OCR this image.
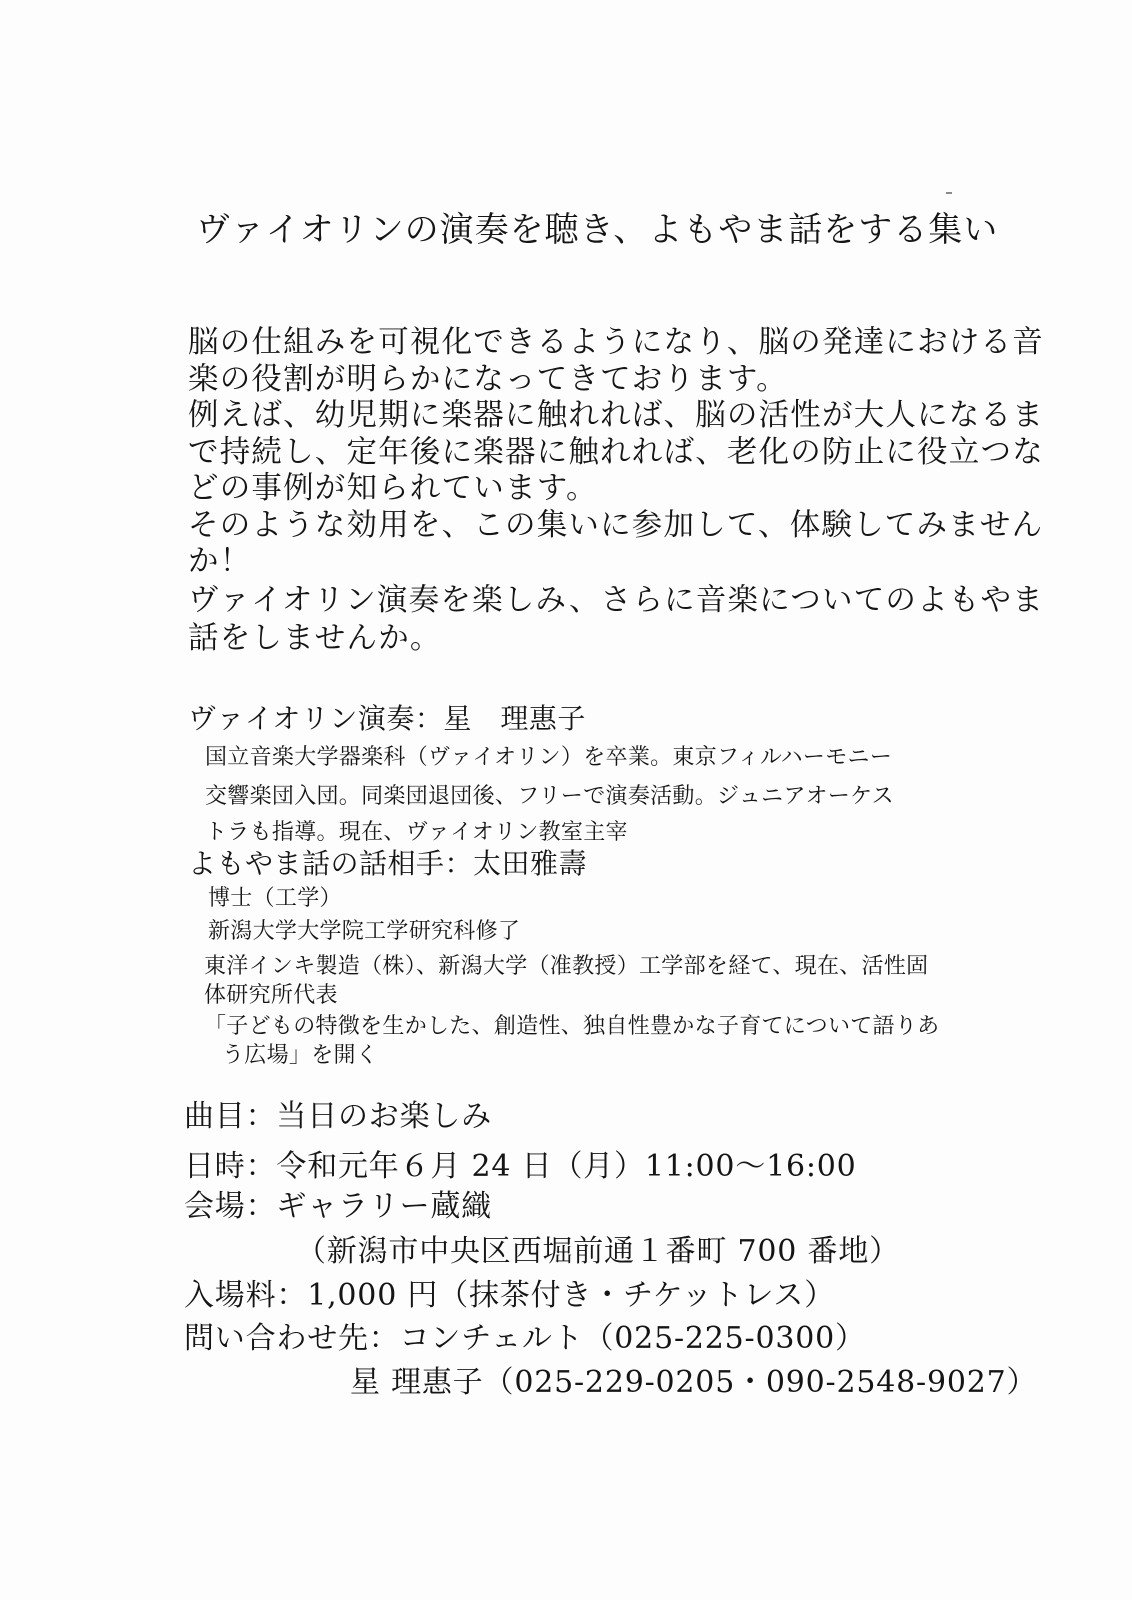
ヴァイオリンの演奏を聴き、よもやま話をする集い
脳の仕組みを可視化できるようになり、脳の発達における音
楽の役割が明らかになってきております。
例えば、幼児期に楽器に触れれば、脳の活性が大人になるま
で持続し、定年後に楽器に触れれば、老化の防止に役立つな
どの事例が知られています。
そのような効用を、この集いに参加して、体験してみません
か！
ヴァイオリン演奏を楽しみ、さらに音楽についてのよもやま
話をしませんか。
ヴァイオリン演奏：星　理惠子
国立音楽大学器楽科（ヴァイオリン）を卒業。東京フィルハーモニー
交響楽団入団。同楽団退団後、フリーで演奏活動。ジュニアオーケス
トラも指導。現在、ヴァイオリン教室主宰
よもやま話の話相手：太田雅壽
博士（工学）
新潟大学大学院工学研究科修了
東洋インキ製造（株）、新潟大学（准教授）工学部を経て、現在、活性固
体研究所代表
「子どもの特徴を生かした、創造性、独自性豊かな子育てについて語りあ
う広場」を開く
曲目：当日のお楽しみ
日時：令和元年６月 24 日（月）11:00〜16:00
会場：ギャラリー蔵織
（新潟市中央区西堀前通１番町 700 番地）
入場料：1,000 円（抹茶付き・チケットレス）
問い合わせ先：コンチェルト（025-225-0300）
星 理惠子（025-229-0205・090-2548-9027）
